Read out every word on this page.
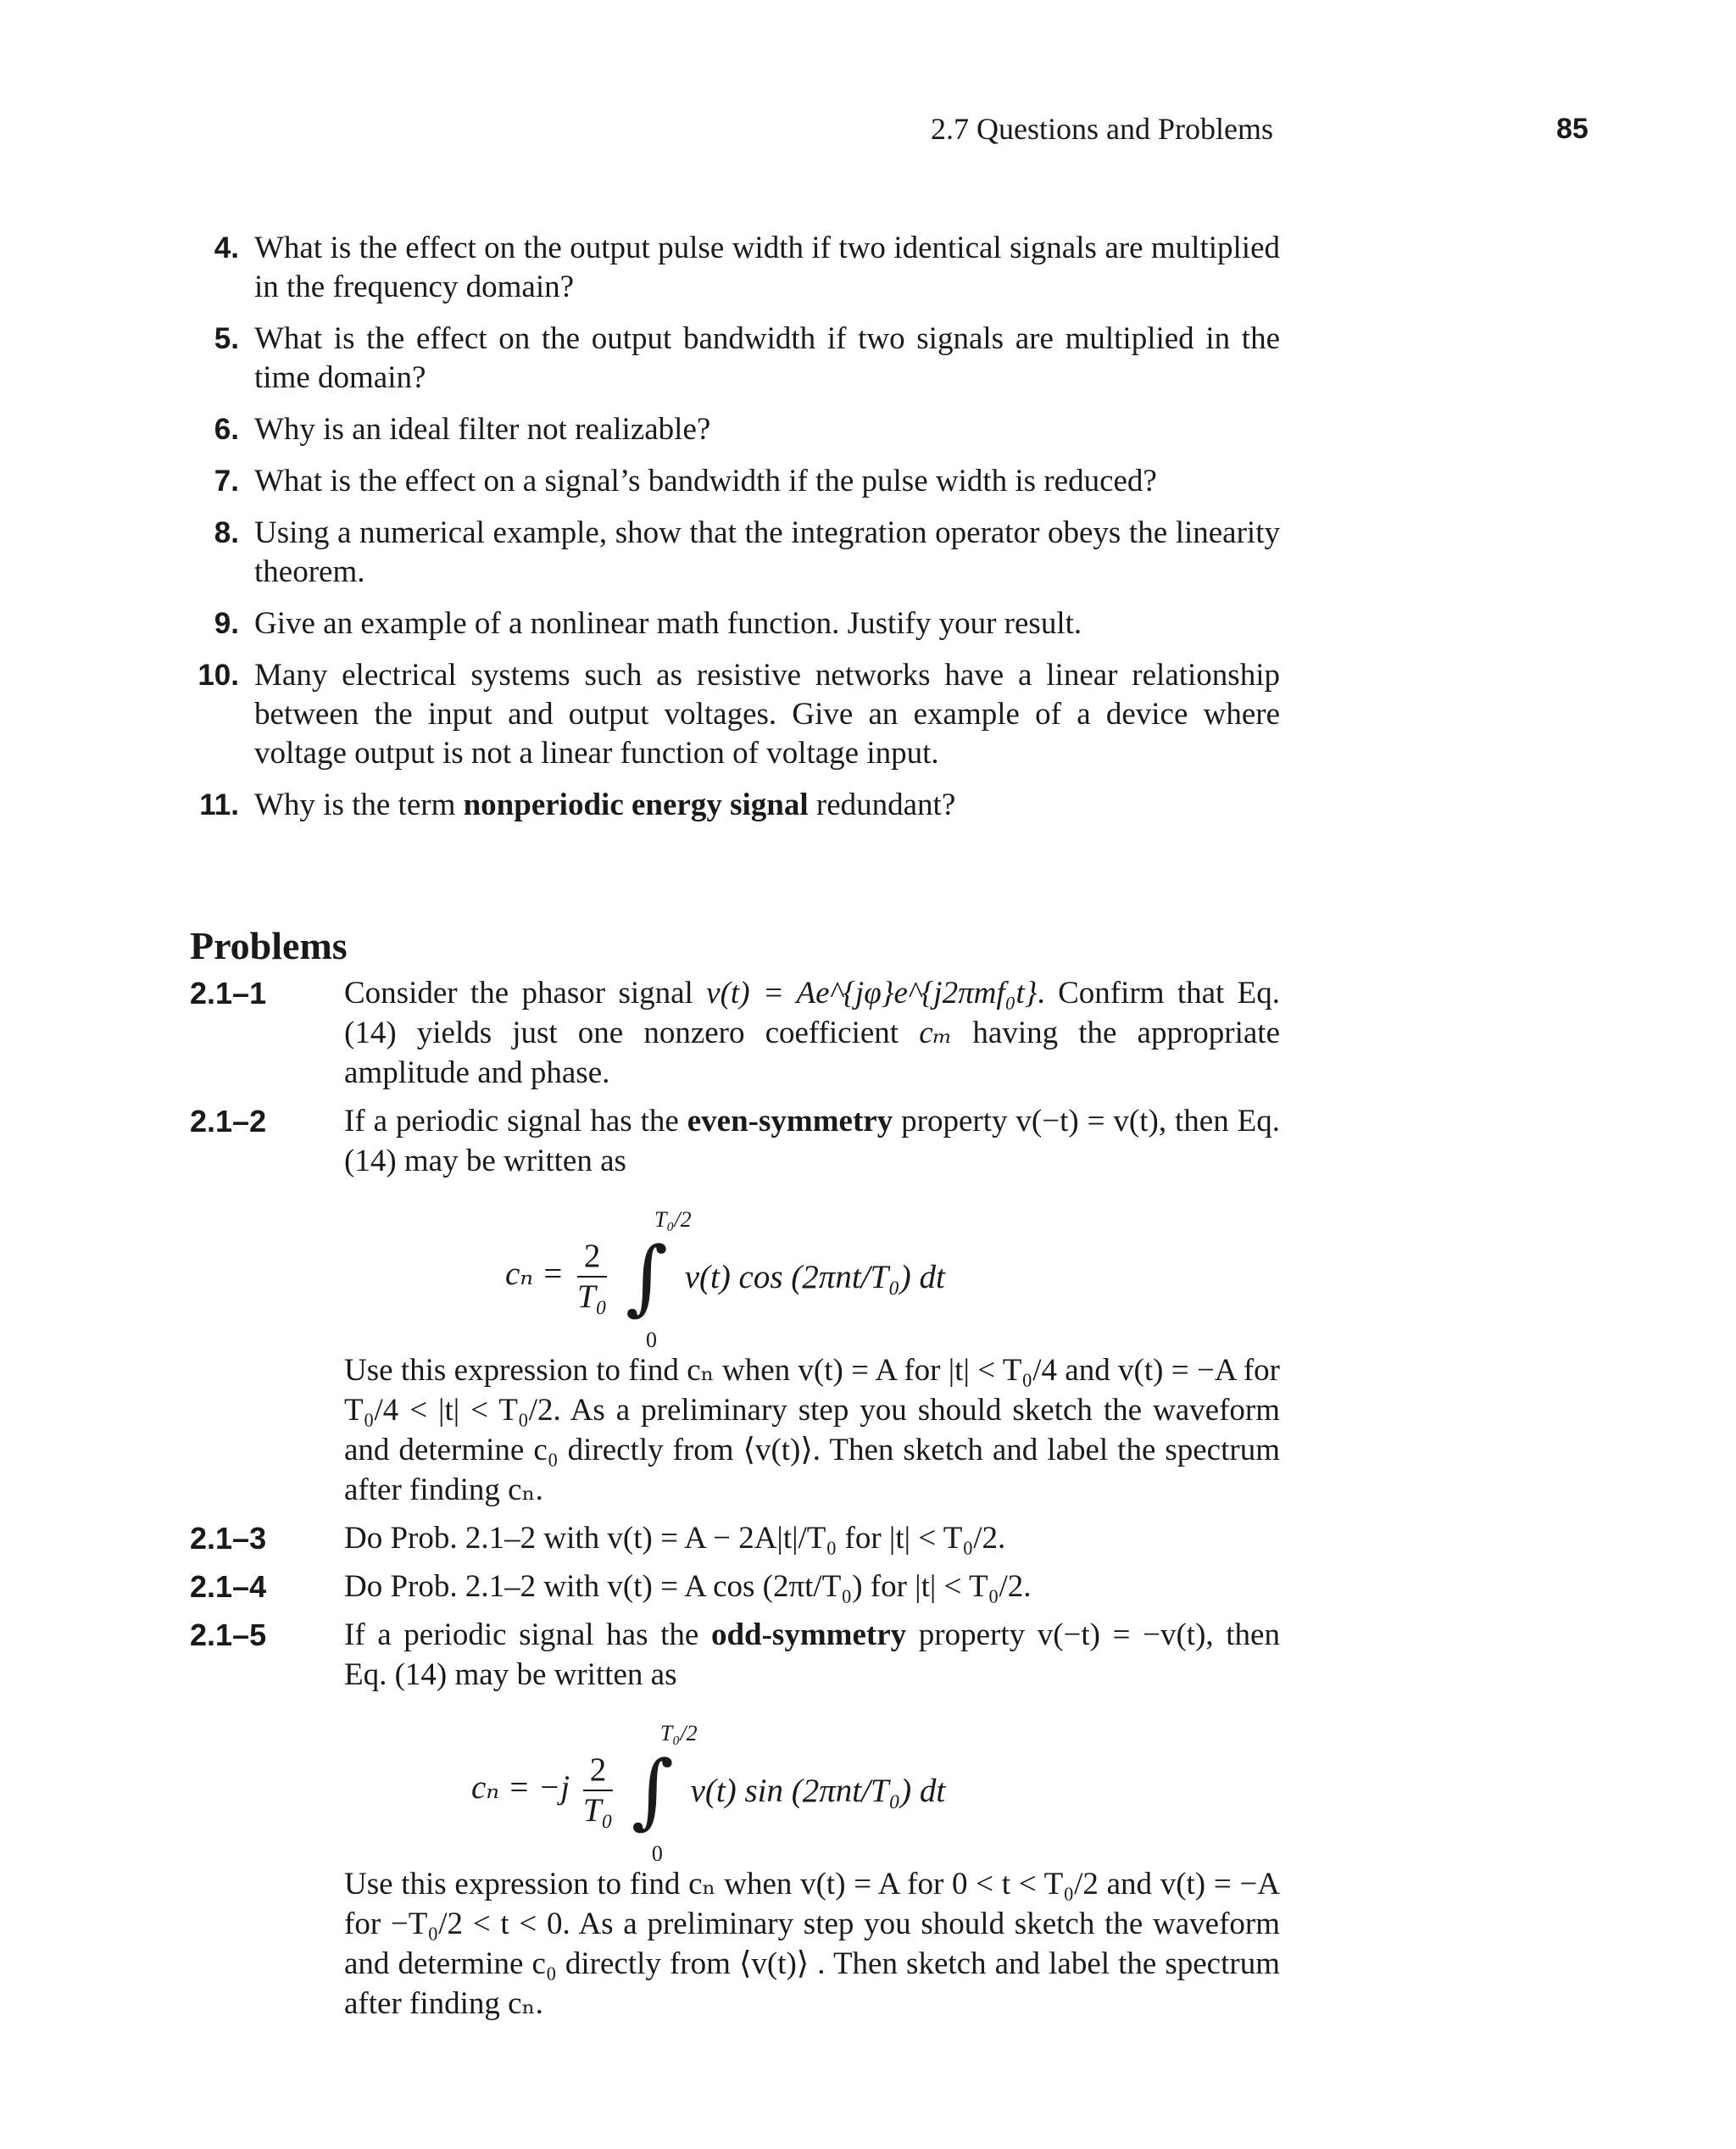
2.7 Questions and Problems	85
4. What is the effect on the output pulse width if two identical signals are multiplied in the frequency domain?
5. What is the effect on the output bandwidth if two signals are multiplied in the time domain?
6. Why is an ideal filter not realizable?
7. What is the effect on a signal’s bandwidth if the pulse width is reduced?
8. Using a numerical example, show that the integration operator obeys the linearity theorem.
9. Give an example of a nonlinear math function. Justify your result.
10. Many electrical systems such as resistive networks have a linear relationship between the input and output voltages. Give an example of a device where voltage output is not a linear function of voltage input.
11. Why is the term nonperiodic energy signal redundant?
Problems
2.1–1 Consider the phasor signal v(t) = Ae^{jφ}e^{j2πmf₀t}. Confirm that Eq. (14) yields just one nonzero coefficient cₘ having the appropriate amplitude and phase.
2.1–2 If a periodic signal has the even-symmetry property v(−t) = v(t), then Eq. (14) may be written as
$c_n = \frac{2}{\text{T₀}}$
∫
T₀/2
0
v(t) cos (2πnt/T₀) dt
Use this expression to find cₙ when v(t) = A for |t| < T₀/4 and v(t) = −A for T₀/4 < |t| < T₀/2. As a preliminary step you should sketch the waveform and determine c₀ directly from ⟨v(t)⟩. Then sketch and label the spectrum after finding cₙ.
2.1–3 Do Prob. 2.1–2 with v(t) = A − 2A|t|/T₀ for |t| < T₀/2.
2.1–4 Do Prob. 2.1–2 with v(t) = A cos (2πt/T₀) for |t| < T₀/2.
2.1–5 If a periodic signal has the odd-symmetry property v(−t) = −v(t), then Eq. (14) may be written as
$c_n = -j \frac{2}{\text{T₀}}$
∫
T₀/2
0
v(t) sin (2πnt/T₀) dt
Use this expression to find cₙ when v(t) = A for 0 < t < T₀/2 and v(t) = −A for −T₀/2 < t < 0. As a preliminary step you should sketch the waveform and determine c₀ directly from ⟨v(t)⟩ . Then sketch and label the spectrum after finding cₙ.
